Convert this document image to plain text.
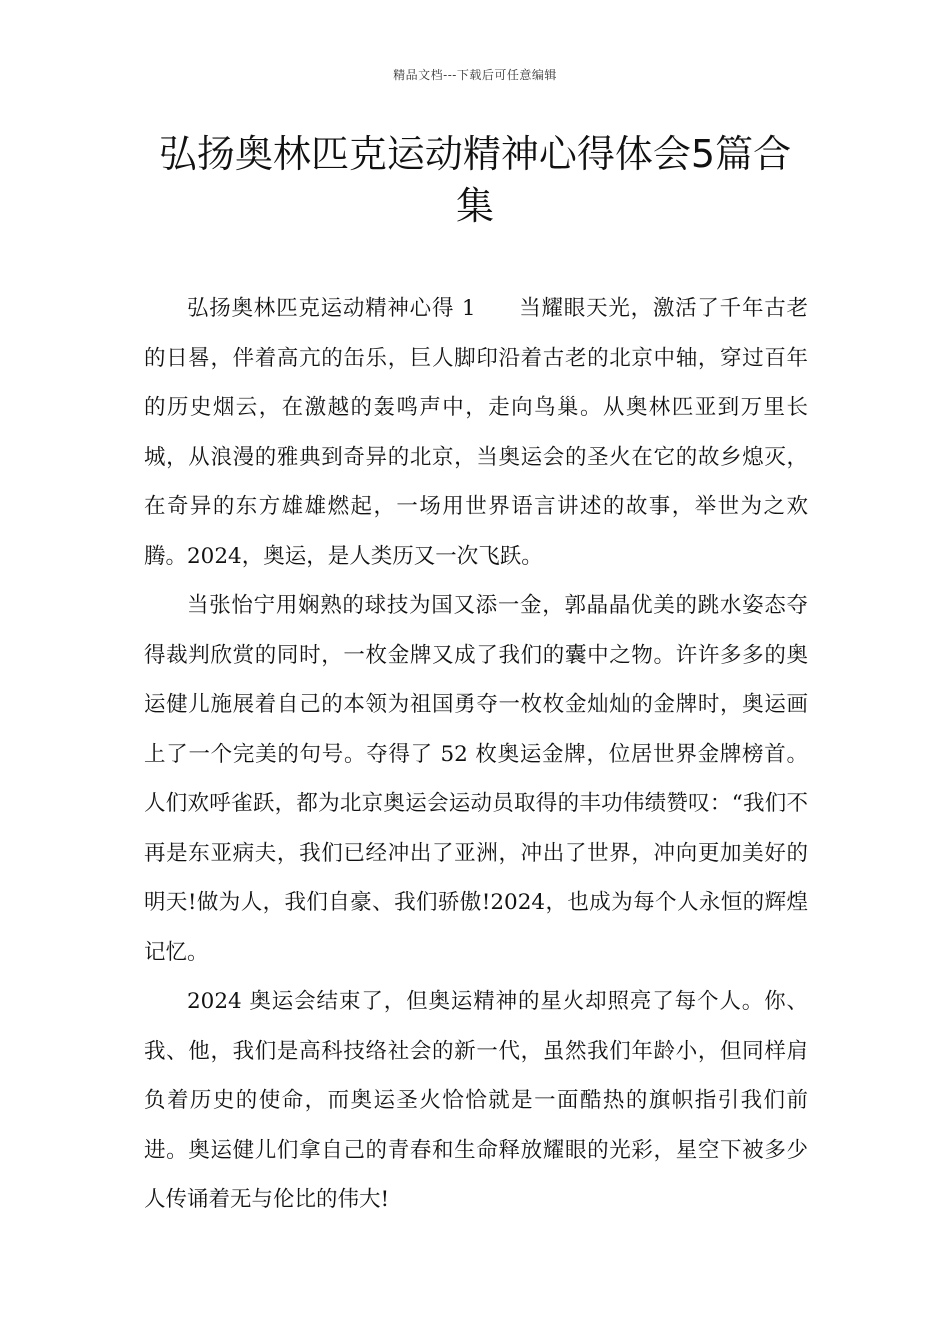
精品文档---下载后可任意编辑
弘扬奥林匹克运动精神心得体会5篇合集

弘扬奥林匹克运动精神心得 1 当耀眼天光，激活了千年古老的日晷，伴着高亢的缶乐，巨人脚印沿着古老的北京中轴，穿过百年的历史烟云，在激越的轰鸣声中，走向鸟巢。从奥林匹亚到万里长城，从浪漫的雅典到奇异的北京，当奥运会的圣火在它的故乡熄灭，在奇异的东方雄雄燃起，一场用世界语言讲述的故事，举世为之欢腾。2024，奥运，是人类历又一次飞跃。

当张怡宁用娴熟的球技为国又添一金，郭晶晶优美的跳水姿态夺得裁判欣赏的同时，一枚金牌又成了我们的囊中之物。许许多多的奥运健儿施展着自己的本领为祖国勇夺一枚枚金灿灿的金牌时，奥运画上了一个完美的句号。夺得了 52 枚奥运金牌，位居世界金牌榜首。人们欢呼雀跃，都为北京奥运会运动员取得的丰功伟绩赞叹：“我们不再是东亚病夫，我们已经冲出了亚洲，冲出了世界，冲向更加美好的明天!做为人，我们自豪、我们骄傲!2024，也成为每个人永恒的辉煌记忆。

2024 奥运会结束了，但奥运精神的星火却照亮了每个人。你、我、他，我们是高科技络社会的新一代，虽然我们年龄小，但同样肩负着历史的使命，而奥运圣火恰恰就是一面酷热的旗帜指引我们前进。奥运健儿们拿自己的青春和生命释放耀眼的光彩，星空下被多少人传诵着无与伦比的伟大!
